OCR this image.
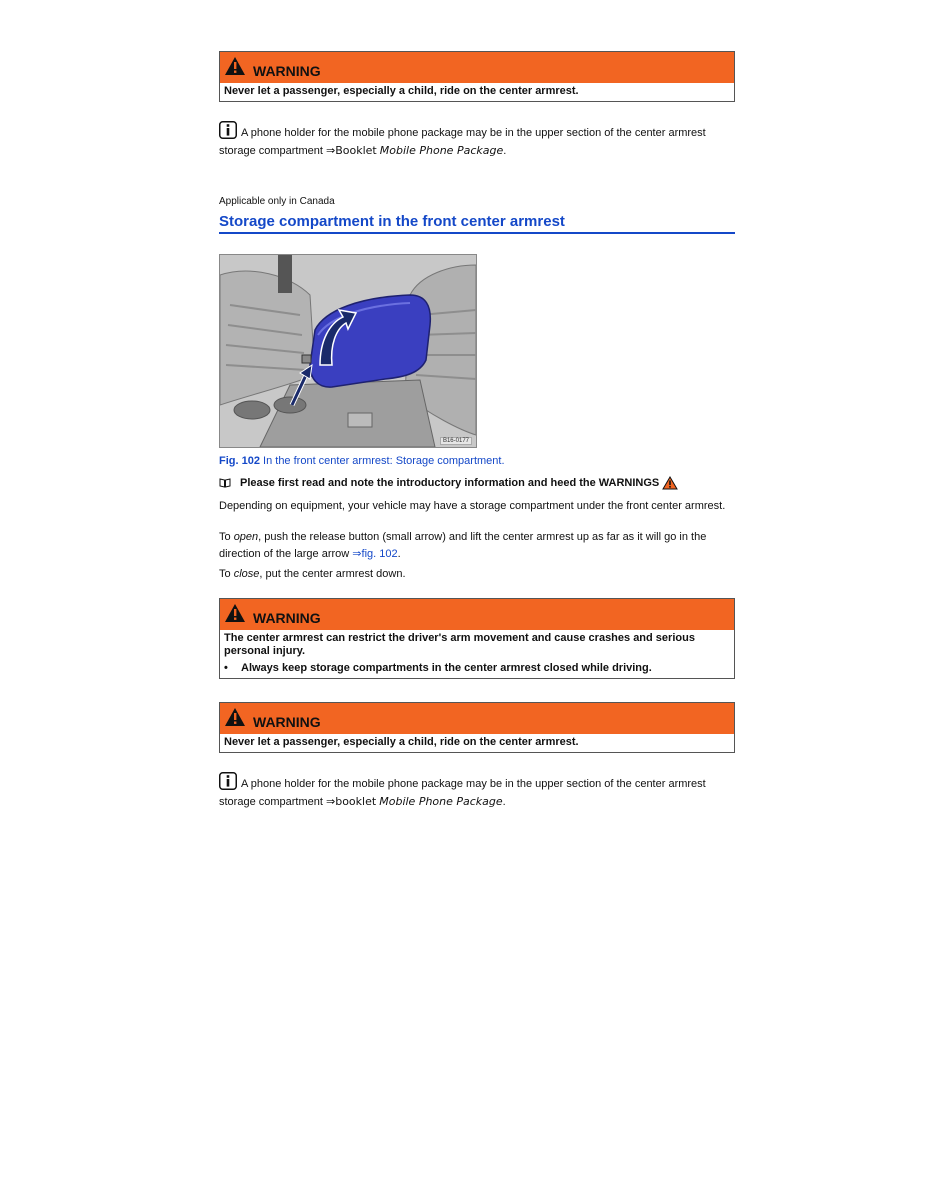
WARNING
Never let a passenger, especially a child, ride on the center armrest.
A phone holder for the mobile phone package may be in the upper section of the center armrest storage compartment ⇒Booklet Mobile Phone Package.
Applicable only in Canada
Storage compartment in the front center armrest
B16-0177
Fig. 102 In the front center armrest: Storage compartment.
Please first read and note the introductory information and heed the WARNINGS
Depending on equipment, your vehicle may have a storage compartment under the front center armrest.
To open, push the release button (small arrow) and lift the center armrest up as far as it will go in the direction of the large arrow ⇒fig. 102.
To close, put the center armrest down.
WARNING
The center armrest can restrict the driver's arm movement and cause crashes and serious personal injury.
•	Always keep storage compartments in the center armrest closed while driving.
WARNING
Never let a passenger, especially a child, ride on the center armrest.
A phone holder for the mobile phone package may be in the upper section of the center armrest storage compartment ⇒booklet Mobile Phone Package.
